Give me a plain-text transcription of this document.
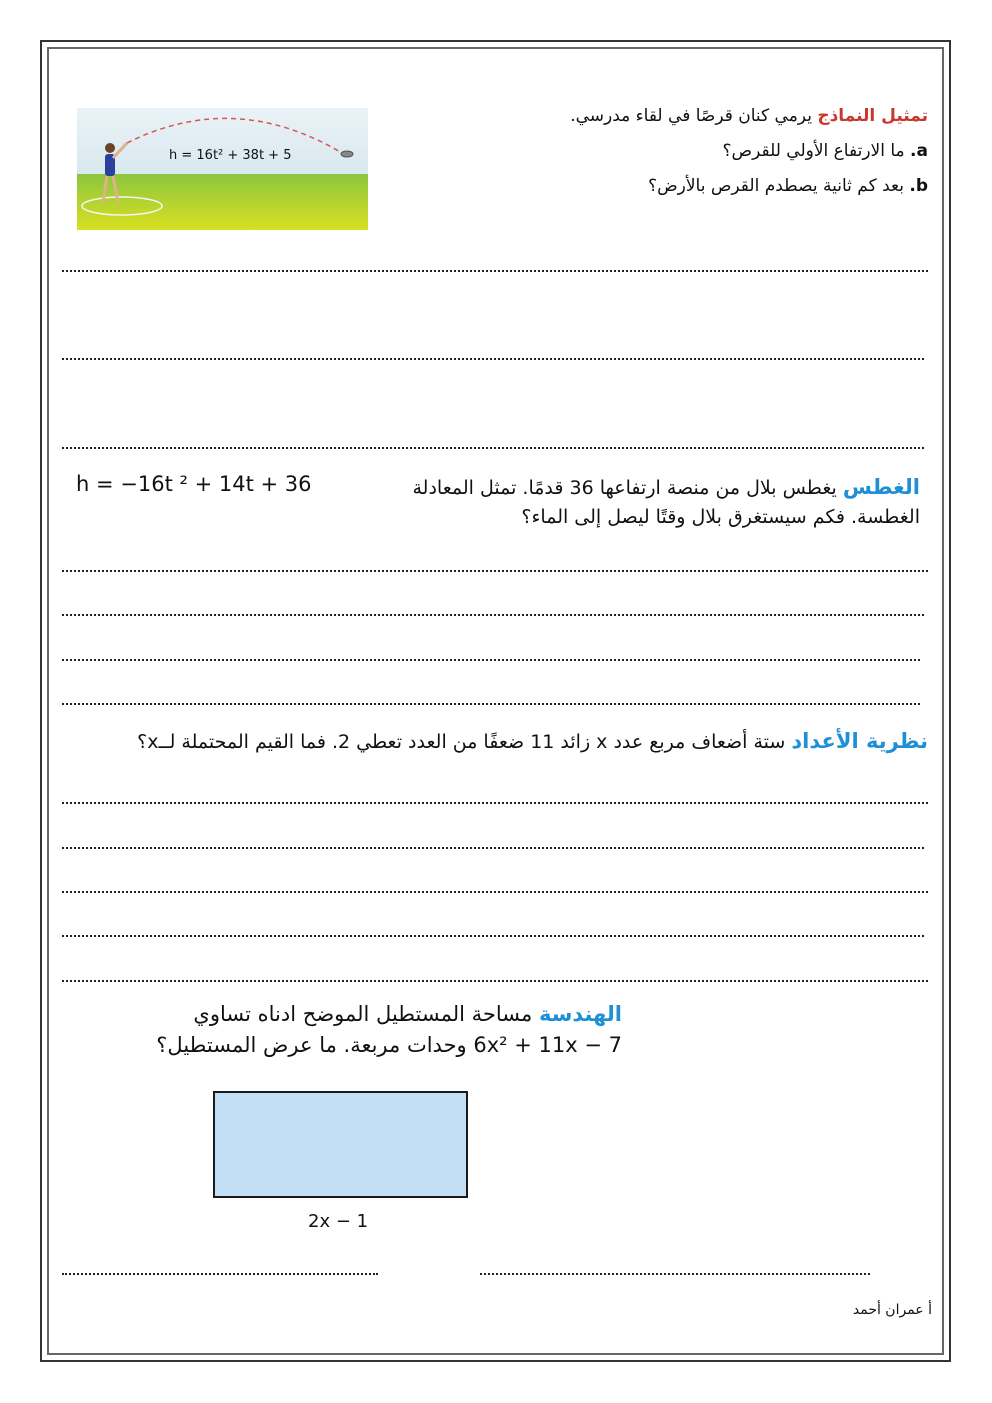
h = 16t² + 38t + 5
تمثيل النماذج يرمي كنان قرصًا في لقاء مدرسي.
a. ما الارتفاع الأولي للقرص؟
b. بعد كم ثانية يصطدم القرص بالأرض؟
الغطس يغطس بلال من منصة ارتفاعها 36 قدمًا. تمثل المعادلة
h = −16t ² + 14t + 36
الغطسة. فكم سيستغرق بلال وقتًا ليصل إلى الماء؟
نظرية الأعداد ستة أضعاف مربع عدد x زائد 11 ضعفًا من العدد تعطي 2. فما القيم المحتملة لــx؟
الهندسة مساحة المستطيل الموضح ادناه تساوي
6x² + 11x − 7 وحدات مربعة. ما عرض المستطيل؟
2x − 1
أ عمران أحمد
